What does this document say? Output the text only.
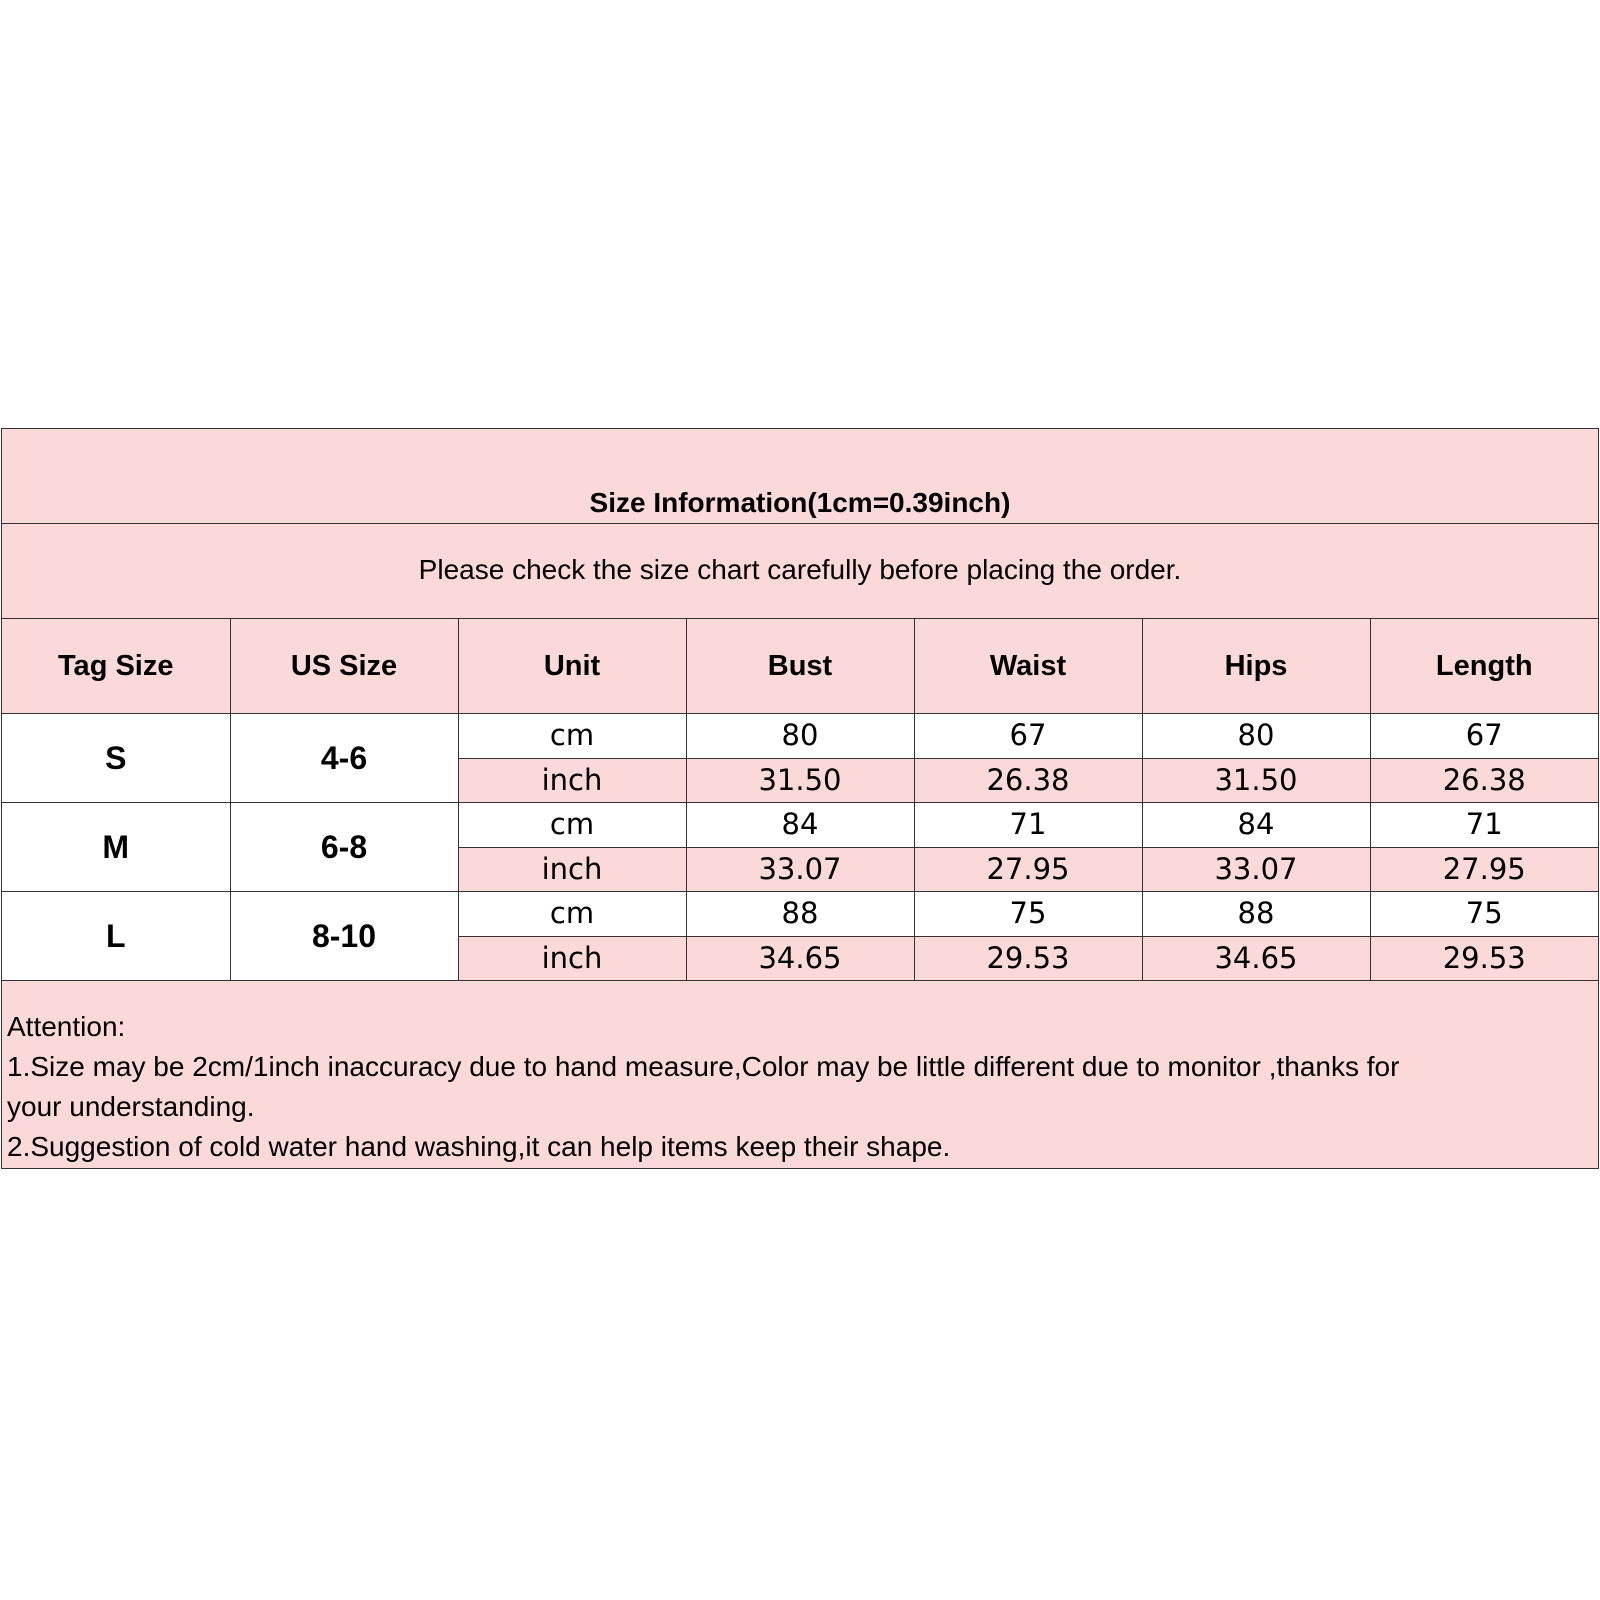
Size Information(1cm=0.39inch)
Please check the size chart carefully before placing the order.
Tag Size	US Size	Unit	Bust	Waist	Hips	Length
S	4-6	cm	80	67	80	67
		inch	31.50	26.38	31.50	26.38
M	6-8	cm	84	71	84	71
		inch	33.07	27.95	33.07	27.95
L	8-10	cm	88	75	88	75
		inch	34.65	29.53	34.65	29.53
Attention:
1.Size may be 2cm/1inch inaccuracy due to hand measure,Color may be little different due to monitor ,thanks for
your understanding.
2.Suggestion of cold water hand washing,it can help items keep their shape.
